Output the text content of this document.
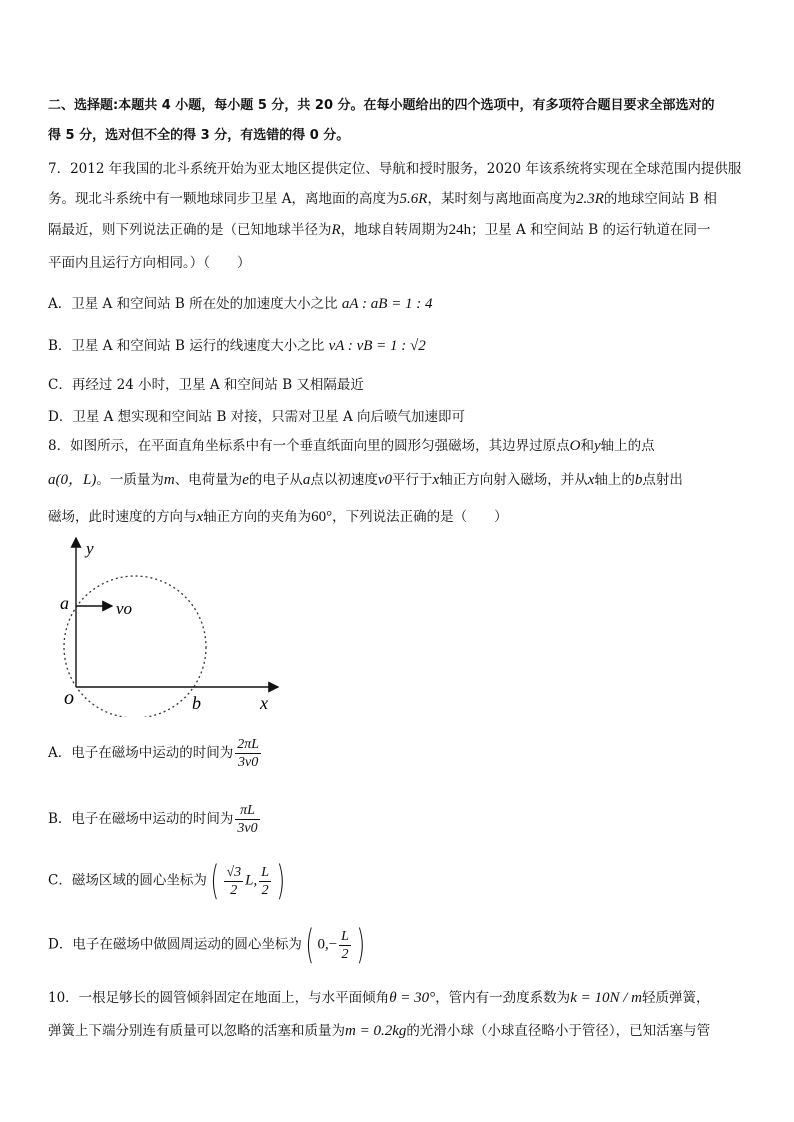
二、选择题:本题共 4 小题，每小题 5 分，共 20 分。在每小题给出的四个选项中，有多项符合题目要求全部选对的
得 5 分，选对但不全的得 3 分，有选错的得 0 分。
7．2012 年我国的北斗系统开始为亚太地区提供定位、导航和授时服务，2020 年该系统将实现在全球范围内提供服
务。现北斗系统中有一颗地球同步卫星 A，离地面的高度为5.6R，某时刻与离地面高度为2.3R的地球空间站 B 相
隔最近，则下列说法正确的是（已知地球半径为R，地球自转周期为24h；卫星 A 和空间站 B 的运行轨道在同一
平面内且运行方向相同。）（　　）
A．卫星 A 和空间站 B 所在处的加速度大小之比 aA : aB = 1 : 4
B．卫星 A 和空间站 B 运行的线速度大小之比 vA : vB = 1 : √2
C．再经过 24 小时，卫星 A 和空间站 B 又相隔最近
D．卫星 A 想实现和空间站 B 对接，只需对卫星 A 向后喷气加速即可
8．如图所示，在平面直角坐标系中有一个垂直纸面向里的圆形匀强磁场，其边界过原点O和y轴上的点
a(0，L)。一质量为m、电荷量为e的电子从a点以初速度v0平行于x轴正方向射入磁场，并从x轴上的b点射出
磁场，此时速度的方向与x轴正方向的夹角为60°，下列说法正确的是（　　）
y
x
a
o	b
vo
A．电子在磁场中运动的时间为 $\frac{2\pi L}{3v0}$
B．电子在磁场中运动的时间为 $\frac{\pi L}{3v0}$
C．磁场区域的圆心坐标为( $\frac{√3}{2} L$, $\frac{L}{2}$ )
D．电子在磁场中做圆周运动的圆心坐标为( $0,- \frac{L}{2}$ )
10．一根足够长的圆管倾斜固定在地面上，与水平面倾角θ = 30°，管内有一劲度系数为k = 10N / m轻质弹簧，
弹簧上下端分别连有质量可以忽略的活塞和质量为m = 0.2kg的光滑小球（小球直径略小于管径），已知活塞与管
